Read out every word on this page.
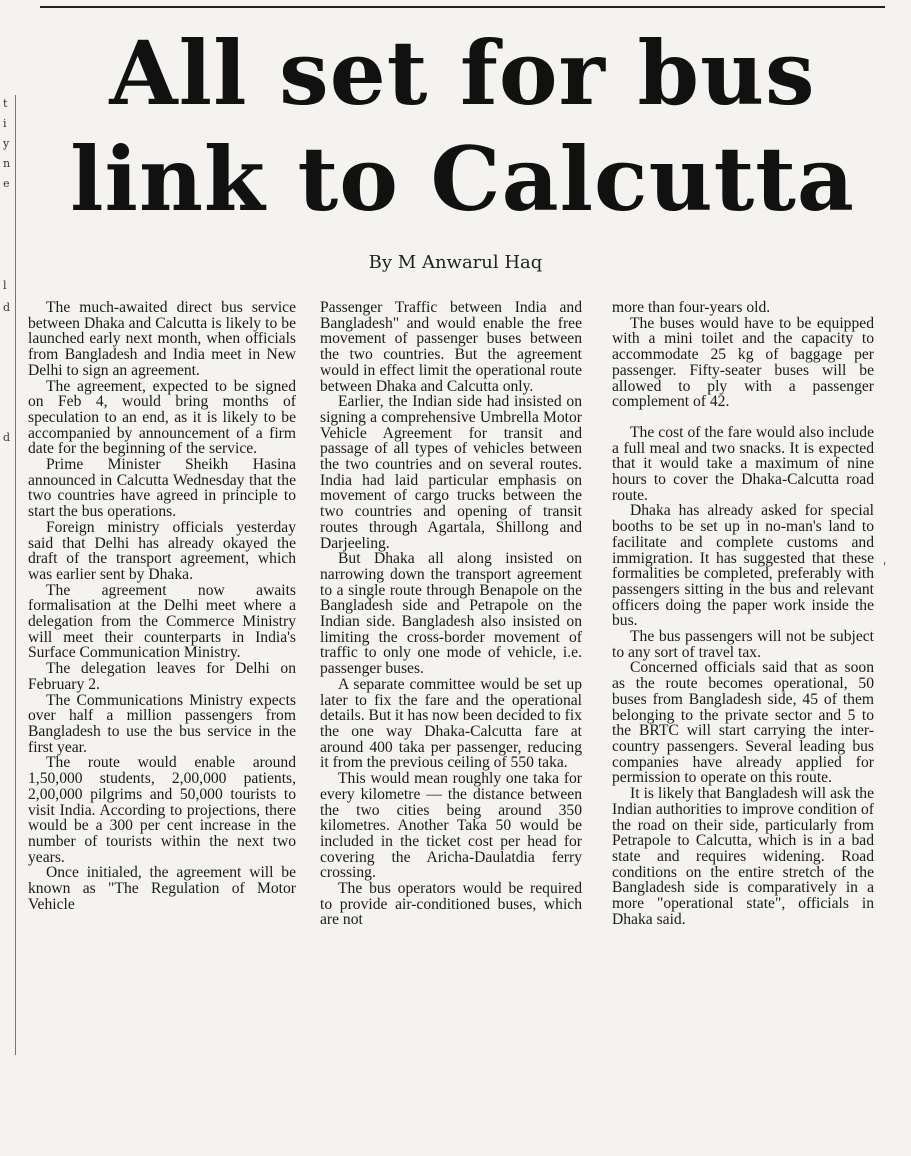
t
i
y
n
e
l
d
d
All set for bus link to Calcutta
By M Anwarul Haq

The much-awaited direct bus service between Dhaka and Calcutta is likely to be launched early next month, when officials from Bangladesh and India meet in New Delhi to sign an agreement.

The agreement, expected to be signed on Feb 4, would bring months of speculation to an end, as it is likely to be accompanied by announcement of a firm date for the beginning of the service.

Prime Minister Sheikh Hasina announced in Calcutta Wednesday that the two countries have agreed in principle to start the bus operations.

Foreign ministry officials yesterday said that Delhi has already okayed the draft of the transport agreement, which was earlier sent by Dhaka.

The agreement now awaits formalisation at the Delhi meet where a delegation from the Commerce Ministry will meet their counterparts in India's Surface Communication Ministry.

The delegation leaves for Delhi on February 2.

The Communications Ministry expects over half a million passengers from Bangladesh to use the bus service in the first year.

The route would enable around 1,50,000 students, 2,00,000 patients, 2,00,000 pilgrims and 50,000 tourists to visit India. According to projections, there would be a 300 per cent increase in the number of tourists within the next two years.

Once initialed, the agreement will be known as "The Regulation of Motor Vehicle

Passenger Traffic between India and Bangladesh" and would enable the free movement of passenger buses between the two countries. But the agreement would in effect limit the operational route between Dhaka and Calcutta only.

Earlier, the Indian side had insisted on signing a comprehensive Umbrella Motor Vehicle Agreement for transit and passage of all types of vehicles between the two countries and on several routes. India had laid particular emphasis on movement of cargo trucks between the two countries and opening of transit routes through Agartala, Shillong and Darjeeling.

But Dhaka all along insisted on narrowing down the transport agreement to a single route through Benapole on the Bangladesh side and Petrapole on the Indian side. Bangladesh also insisted on limiting the cross-border movement of traffic to only one mode of vehicle, i.e. passenger buses.

A separate committee would be set up later to fix the fare and the operational details. But it has now been decided to fix the one way Dhaka-Calcutta fare at around 400 taka per passenger, reducing it from the previous ceiling of 550 taka.

This would mean roughly one taka for every kilometre — the distance between the two cities being around 350 kilometres. Another Taka 50 would be included in the ticket cost per head for covering the Aricha-Daulatdia ferry crossing.

The bus operators would be required to provide air-conditioned buses, which are not

more than four-years old.

The buses would have to be equipped with a mini toilet and the capacity to accommodate 25 kg of baggage per passenger. Fifty-seater buses will be allowed to ply with a passenger complement of 42.

The cost of the fare would also include a full meal and two snacks. It is expected that it would take a maximum of nine hours to cover the Dhaka-Calcutta road route.

Dhaka has already asked for special booths to be set up in no-man's land to facilitate and complete customs and immigration. It has suggested that these formalities be completed, preferably with passengers sitting in the bus and relevant officers doing the paper work inside the bus.

The bus passengers will not be subject to any sort of travel tax.

Concerned officials said that as soon as the route becomes operational, 50 buses from Bangladesh side, 45 of them belonging to the private sector and 5 to the BRTC will start carrying the inter-country passengers. Several leading bus companies have already applied for permission to operate on this route.

It is likely that Bangladesh will ask the Indian authorities to improve condition of the road on their side, particularly from Petrapole to Calcutta, which is in a bad state and requires widening. Road conditions on the entire stretch of the Bangladesh side is comparatively in a more "operational state", officials in Dhaka said.

'
